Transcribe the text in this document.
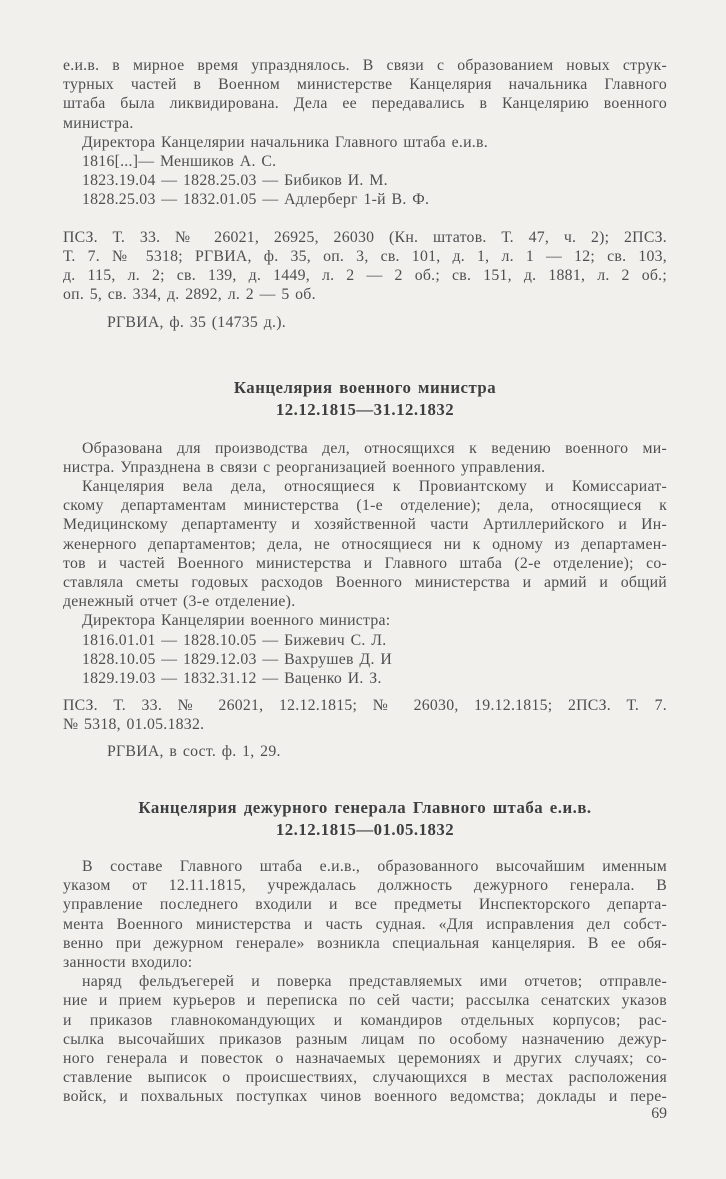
е.и.в. в мирное время упразднялось. В связи с образованием новых струк-
турных частей в Военном министерстве Канцелярия начальника Главного
штаба была ликвидирована. Дела ее передавались в Канцелярию военного
министра.
Директора Канцелярии начальника Главного штаба е.и.в.
1816[...]— Меншиков А. С.
1823.19.04 — 1828.25.03 — Бибиков И. М.
1828.25.03 — 1832.01.05 — Адлерберг 1-й В. Ф.
ПСЗ. Т. 33. № 26021, 26925, 26030 (Кн. штатов. Т. 47, ч. 2); 2ПСЗ.
Т. 7. № 5318; РГВИА, ф. 35, оп. 3, св. 101, д. 1, л. 1 — 12; св. 103,
д. 115, л. 2; св. 139, д. 1449, л. 2 — 2 об.; св. 151, д. 1881, л. 2 об.;
оп. 5, св. 334, д. 2892, л. 2 — 5 об.
РГВИА, ф. 35 (14735 д.).
Канцелярия военного министра
12.12.1815—31.12.1832
Образована для производства дел, относящихся к ведению военного ми-
нистра. Упразднена в связи с реорганизацией военного управления.
Канцелярия вела дела, относящиеся к Провиантскому и Комиссариат-
скому департаментам министерства (1-е отделение); дела, относящиеся к
Медицинскому департаменту и хозяйственной части Артиллерийского и Ин-
женерного департаментов; дела, не относящиеся ни к одному из департамен-
тов и частей Военного министерства и Главного штаба (2-е отделение); со-
ставляла сметы годовых расходов Военного министерства и армий и общий
денежный отчет (3-е отделение).
Директора Канцелярии военного министра:
1816.01.01 — 1828.10.05 — Бижевич С. Л.
1828.10.05 — 1829.12.03 — Вахрушев Д. И
1829.19.03 — 1832.31.12 — Ваценко И. З.
ПСЗ. Т. 33. № 26021, 12.12.1815; № 26030, 19.12.1815; 2ПСЗ. Т. 7.
№ 5318, 01.05.1832.
РГВИА, в сост. ф. 1, 29.
Канцелярия дежурного генерала Главного штаба е.и.в.
12.12.1815—01.05.1832
В составе Главного штаба е.и.в., образованного высочайшим именным
указом от 12.11.1815, учреждалась должность дежурного генерала. В
управление последнего входили и все предметы Инспекторского департа-
мента Военного министерства и часть судная. «Для исправления дел собст-
венно при дежурном генерале» возникла специальная канцелярия. В ее обя-
занности входило:
наряд фельдъегерей и поверка представляемых ими отчетов; отправле-
ние и прием курьеров и переписка по сей части; рассылка сенатских указов
и приказов главнокомандующих и командиров отдельных корпусов; рас-
сылка высочайших приказов разным лицам по особому назначению дежур-
ного генерала и повесток о назначаемых церемониях и других случаях; со-
ставление выписок о происшествиях, случающихся в местах расположения
войск, и похвальных поступках чинов военного ведомства; доклады и пере-
69
